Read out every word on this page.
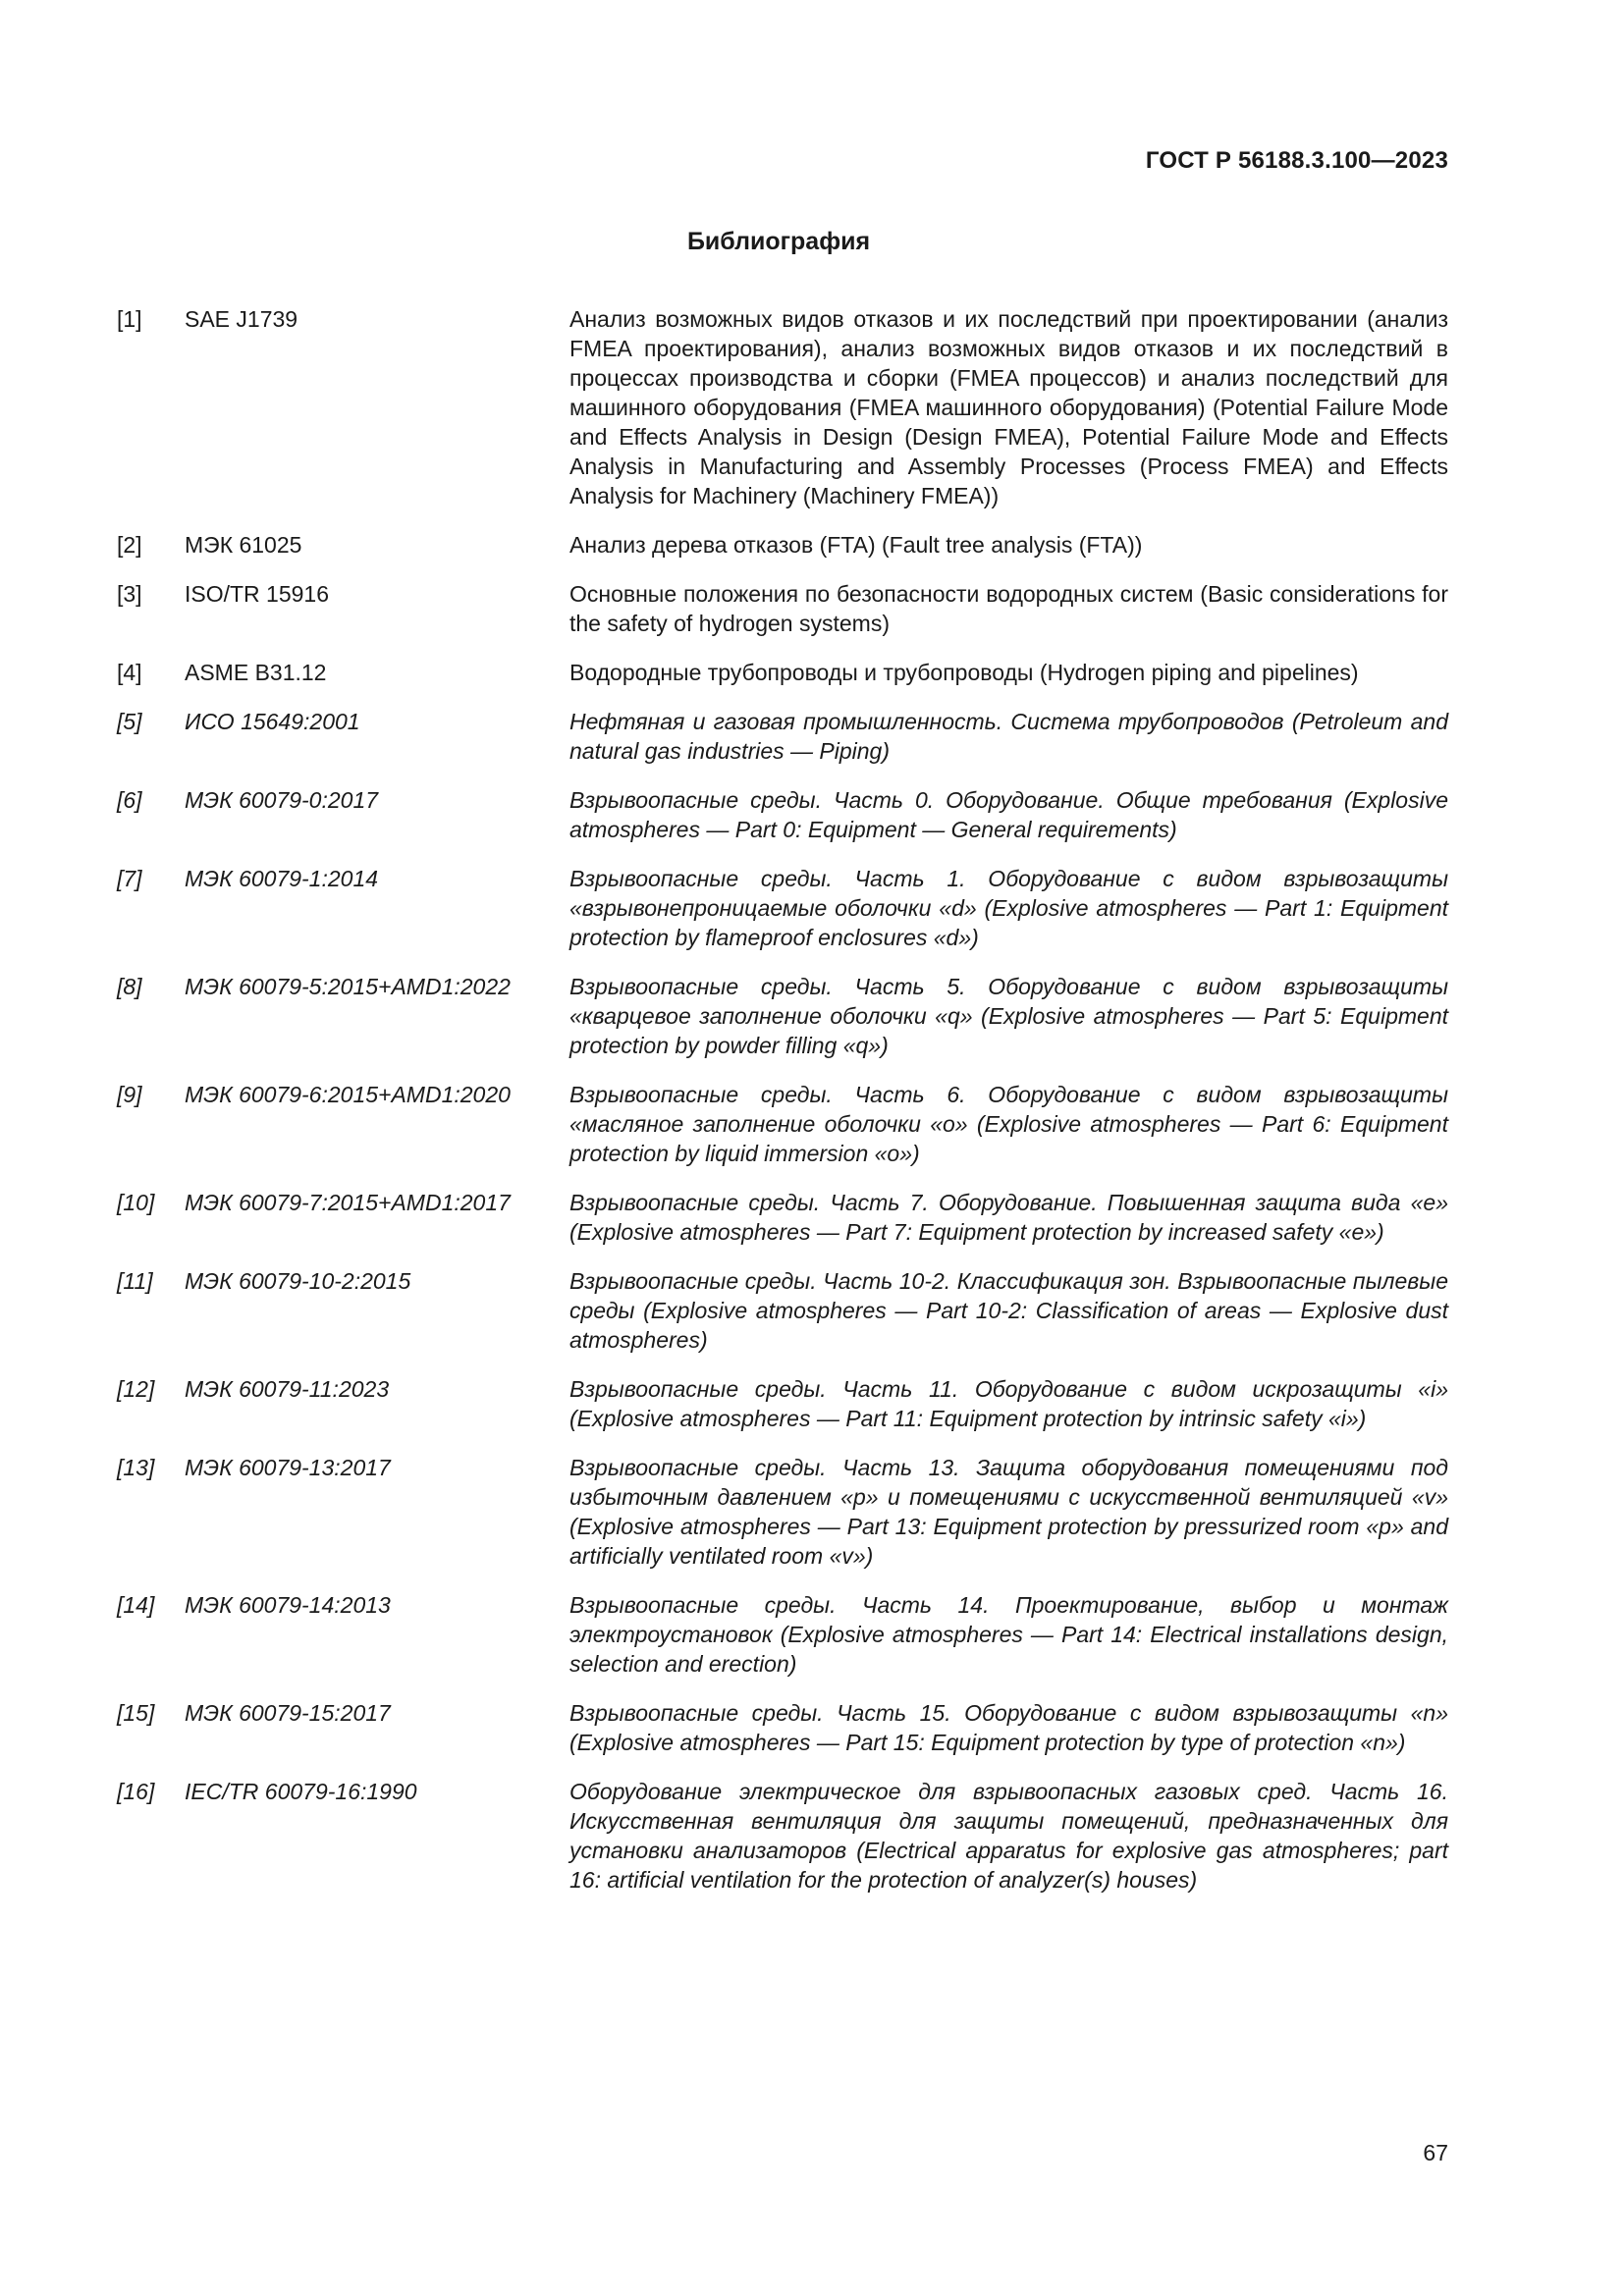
ГОСТ Р 56188.3.100—2023
Библиография
[1]	SAE J1739	Анализ возможных видов отказов и их последствий при проектировании (анализ FMEA проектирования), анализ возможных видов отказов и их последствий в процессах производства и сборки (FMEA процессов) и анализ последствий для машинного оборудования (FMEA машинного оборудования) (Potential Failure Mode and Effects Analysis in Design (Design FMEA), Potential Failure Mode and Effects Analysis in Manufacturing and Assembly Processes (Process FMEA) and Effects Analysis for Machinery (Machinery FMEA))
[2]	МЭК 61025	Анализ дерева отказов (FTA) (Fault tree analysis (FTA))
[3]	ISO/TR 15916	Основные положения по безопасности водородных систем (Basic considerations for the safety of hydrogen systems)
[4]	ASME B31.12	Водородные трубопроводы и трубопроводы (Hydrogen piping and pipelines)
[5]	ИСО 15649:2001	Нефтяная и газовая промышленность. Система трубопроводов (Petroleum and natural gas industries — Piping)
[6]	МЭК 60079-0:2017	Взрывоопасные среды. Часть 0. Оборудование. Общие требования (Explosive atmospheres — Part 0: Equipment — General requirements)
[7]	МЭК 60079-1:2014	Взрывоопасные среды. Часть 1. Оборудование с видом взрывозащиты «взрывонепроницаемые оболочки «d» (Explosive atmospheres — Part 1: Equipment protection by flameproof enclosures «d»)
[8]	МЭК 60079-5:2015+AMD1:2022	Взрывоопасные среды. Часть 5. Оборудование с видом взрывозащиты «кварцевое заполнение оболочки «q» (Explosive atmospheres — Part 5: Equipment protection by powder filling «q»)
[9]	МЭК 60079-6:2015+AMD1:2020	Взрывоопасные среды. Часть 6. Оборудование с видом взрывозащиты «масляное заполнение оболочки «o» (Explosive atmospheres — Part 6: Equipment protection by liquid immersion «o»)
[10]	МЭК 60079-7:2015+AMD1:2017	Взрывоопасные среды. Часть 7. Оборудование. Повышенная защита вида «е» (Explosive atmospheres — Part 7: Equipment protection by increased safety «е»)
[11]	МЭК 60079-10-2:2015	Взрывоопасные среды. Часть 10-2. Классификация зон. Взрывоопасные пылевые среды (Explosive atmospheres — Part 10-2: Classification of areas — Explosive dust atmospheres)
[12]	МЭК 60079-11:2023	Взрывоопасные среды. Часть 11. Оборудование с видом искрозащиты «i» (Explosive atmospheres — Part 11: Equipment protection by intrinsic safety «i»)
[13]	МЭК 60079-13:2017	Взрывоопасные среды. Часть 13. Защита оборудования помещениями под избыточным давлением «p» и помещениями с искусственной вентиляцией «v» (Explosive atmospheres — Part 13: Equipment protection by pressurized room «p» and artificially ventilated room «v»)
[14]	МЭК 60079-14:2013	Взрывоопасные среды. Часть 14. Проектирование, выбор и монтаж электроустановок (Explosive atmospheres — Part 14: Electrical installations design, selection and erection)
[15]	МЭК 60079-15:2017	Взрывоопасные среды. Часть 15. Оборудование с видом взрывозащиты «n» (Explosive atmospheres — Part 15: Equipment protection by type of protection «n»)
[16]	IEC/TR 60079-16:1990	Оборудование электрическое для взрывоопасных газовых сред. Часть 16. Искусственная вентиляция для защиты помещений, предназначенных для установки анализаторов (Electrical apparatus for explosive gas atmospheres; part 16: artificial ventilation for the protection of analyzer(s) houses)
67
